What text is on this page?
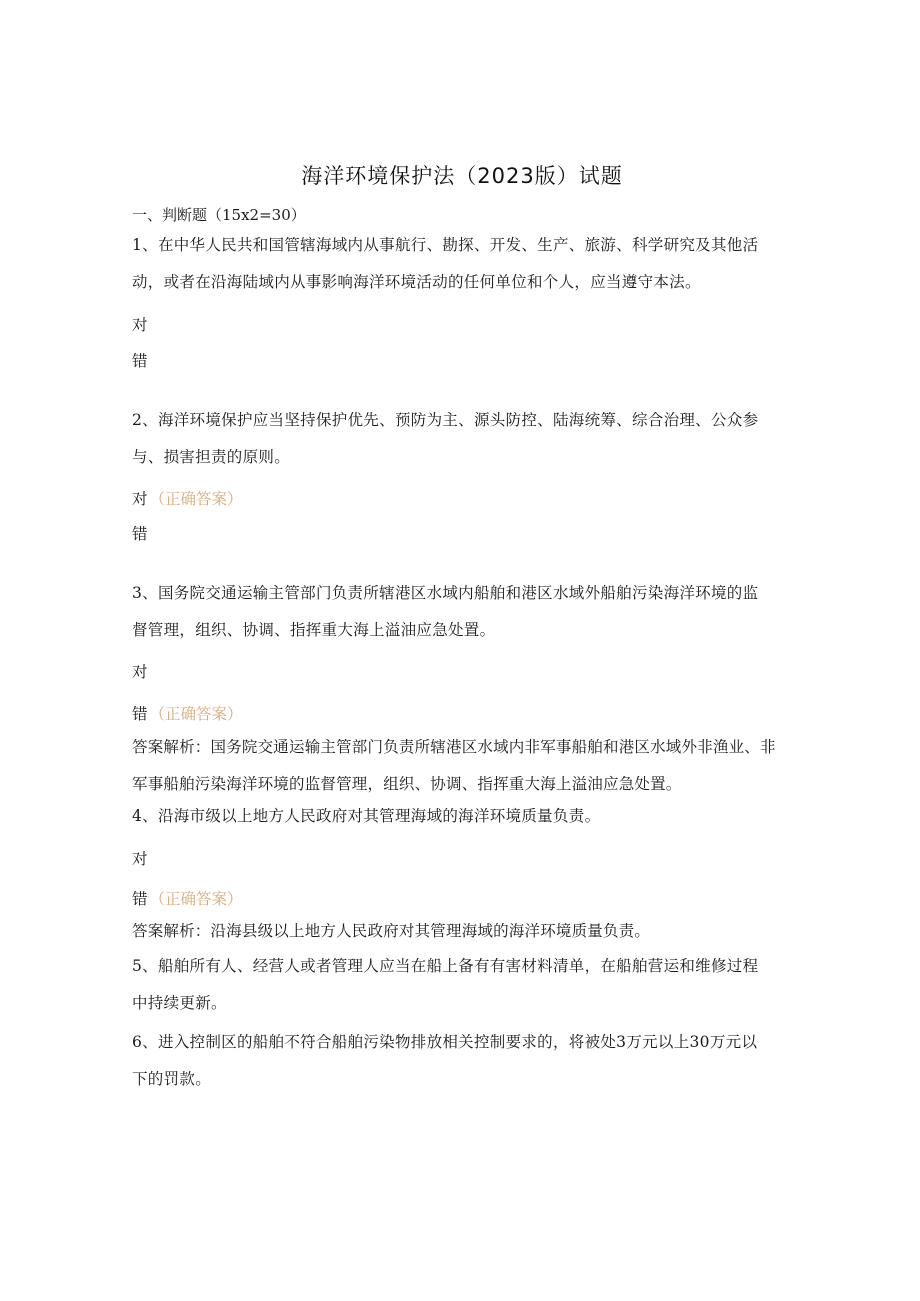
海洋环境保护法（2023版）试题
一、判断题（15x2=30）
1、在中华人民共和国管辖海域内从事航行、勘探、开发、生产、旅游、科学研究及其他活动，或者在沿海陆域内从事影响海洋环境活动的任何单位和个人，应当遵守本法。
对
错
2、海洋环境保护应当坚持保护优先、预防为主、源头防控、陆海统筹、综合治理、公众参与、损害担责的原则。
对 （正确答案）
错
3、国务院交通运输主管部门负责所辖港区水域内船舶和港区水域外船舶污染海洋环境的监督管理，组织、协调、指挥重大海上溢油应急处置。
对
错 （正确答案）
答案解析：国务院交通运输主管部门负责所辖港区水域内非军事船舶和港区水域外非渔业、非军事船舶污染海洋环境的监督管理，组织、协调、指挥重大海上溢油应急处置。
4、沿海市级以上地方人民政府对其管理海域的海洋环境质量负责。
对
错 （正确答案）
答案解析：沿海县级以上地方人民政府对其管理海域的海洋环境质量负责。
5、船舶所有人、经营人或者管理人应当在船上备有有害材料清单，在船舶营运和维修过程中持续更新。
6、进入控制区的船舶不符合船舶污染物排放相关控制要求的，将被处3万元以上30万元以下的罚款。
